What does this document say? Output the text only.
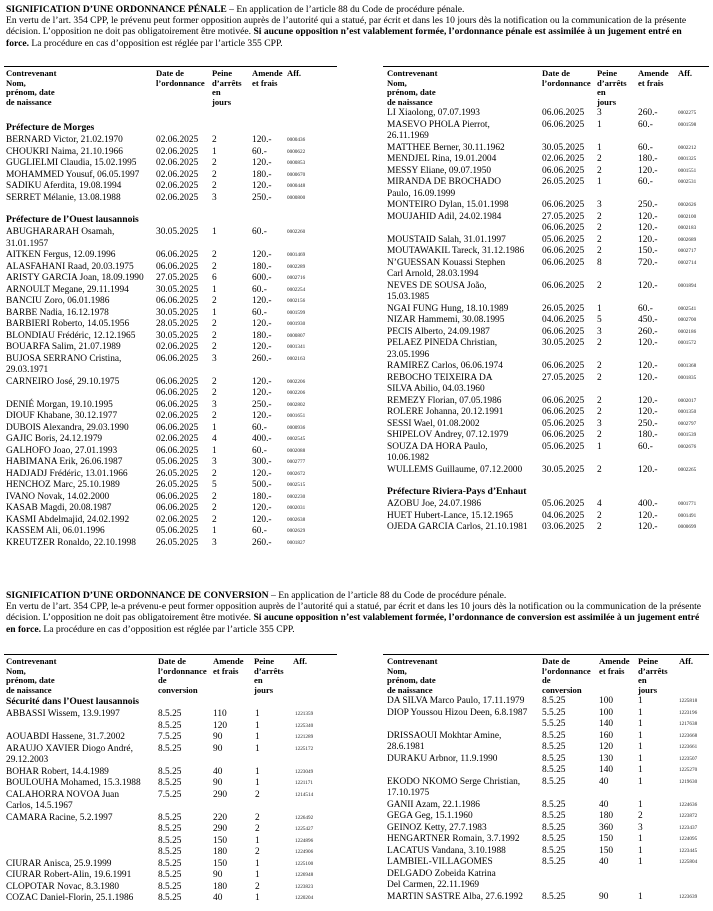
SIGNIFICATION D’UNE ORDONNANCE PÉNALE – En application de l’article 88 du Code de procédure pénale.

En vertu de l’art. 354 CPP, le prévenu peut former opposition auprès de l’autorité qui a statué, par écrit et dans les 10 jours dès la notification ou la communication de la présente décision. L’opposition ne doit pas obligatoirement être motivée. Si aucune opposition n’est valablement formée, l’ordonnance pénale est assimilée à un jugement entré en force. La procédure en cas d’opposition est réglée par l’article 355 CPP.

Contrevenant
Nom, prénom, date de naissance
Date de
l’ordonnance
Peine
d’arrêts
en jours
Amende
et frais
Aff.
Préfecture de Morges
BERNARD Victor, 21.02.1970	02.06.2025 2	120.-	0000436
CHOUKRI Naima, 21.10.1966	02.06.2025 1	60.-	0000622
GUGLIELMI Claudia, 15.02.1995	02.06.2025 2	120.-	0000853
MOHAMMED Yousuf, 06.05.1997	02.06.2025 2	180.-	0000670
SADIKU Aferdita, 19.08.1994	02.06.2025 2	120.-	0000448
SERRET Mélanie, 13.08.1988	02.06.2025 3	250.-	0000800
Préfecture de l’Ouest lausannois
ABUGHARARAH Osamah,
31.01.1957
30.05.2025 1	60.-	0002260
AITKEN Fergus, 12.09.1996	06.06.2025 2	120.-	0001469
ALASFAHANI Raad, 20.03.1975	06.06.2025 2	180.-	0002289
ARISTY GARCIA Joan, 18.09.1990	27.05.2025 6	600.-	0002716
ARNOULT Megane, 29.11.1994	30.05.2025 1	60.-	0002254
BANCIU Zoro, 06.01.1986	06.06.2025 2	120.-	0002156
BARBE Nadia, 16.12.1978	30.05.2025 1	60.-	0001599
BARBIERI Roberto, 14.05.1956	28.05.2025 2	120.-	0001930
BLONDIAU Frédéric, 12.12.1965	30.05.2025 2	180.-	0000807
BOUARFA Salim, 21.07.1989	02.06.2025 2	120.-	0001341
BUJOSA SERRANO Cristina,
29.03.1971
06.06.2025 3	260.-	0002163
CARNEIRO José, 29.10.1975
	06.06.2025 2	120.-	0002206
06.06.2025 2	120.-	0002206
DENIÉ Morgan, 19.10.1995	06.06.2025 3	250.-	0002802
DIOUF Khabane, 30.12.1977	02.06.2025 2	120.-	0001651
DUBOIS Alexandra, 29.03.1990	06.06.2025 1	60.-	0000936
GAJIC Boris, 24.12.1979	02.06.2025 4	400.-	0002545
GALHOFO Joao, 27.01.1993	06.06.2025 1	60.-	0002088
HABIMANA Erik, 26.06.1987	05.06.2025 3	300.-	0002777
HADJADJ Frédéric, 13.01.1966	26.05.2025 2	120.-	0002672
HENCHOZ Marc, 25.10.1989	26.05.2025 5	500.-	0002515
IVANO Novak, 14.02.2000	06.06.2025 2	180.-	0002230
KASAB Magdi, 20.08.1987	06.06.2025 2	120.-	0002031
KASMI Abdelmajid, 24.02.1992	02.06.2025 2	120.-	0002638
KASSEM Ali, 06.01.1996	05.06.2025 1	60.-	0002629
KREUTZER Ronaldo, 22.10.1998	26.05.2025 3	260.-	0001827
Contrevenant
Nom, prénom, date de naissance
Date de
l’ordonnance
Peine
d’arrêts
en jours
Amende
et frais
Aff.
LI Xiaolong, 07.07.1993	06.06.2025 3	260.-	0002275
MASEVO PHOLA Pierrot,
26.11.1969
06.06.2025 1	60.-	0001598
MATTHEE Berner, 30.11.1962	30.05.2025 1	60.-	0002212
MENDJEL Rina, 19.01.2004	02.06.2025 2	180.-	0001325
MESSY Eliane, 09.07.1950	06.06.2025 2	120.-	0001551
MIRANDA DE BROCHADO
Paulo, 16.09.1999
26.05.2025 1	60.-	0002531
MONTEIRO Dylan, 15.01.1998	06.06.2025 3	250.-	0002626
MOUJAHID Adil, 24.02.1984
	27.05.2025 2	120.-	0002100
06.06.2025 2	120.-	0002183
MOUSTAID Salah, 31.01.1997	05.06.2025 2	120.-	0002689
MOUTAWAKIL Tareck, 31.12.1986	06.06.2025 2	150.-	0002717
N’GUESSAN Kouassi Stephen
Carl Arnold, 28.03.1994
06.06.2025 8	720.-	0002714
NEVES DE SOUSA João,
15.03.1985
06.06.2025 2	120.-	0001894
NGAI FUNG Hung, 18.10.1989	26.05.2025 1	60.-	0002541
NIZAR Hammemi, 30.08.1995	04.06.2025 5	450.-	0002700
PECIS Alberto, 24.09.1987	06.06.2025 3	260.-	0002186
PELAEZ PINEDA Christian,
23.05.1996
30.05.2025 2	120.-	0001572
RAMIREZ Carlos, 06.06.1974	06.06.2025 2	120.-	0001368
REBOCHO TEIXEIRA DA
SILVA Abilio, 04.03.1960
27.05.2025 2	120.-	0001835
REMEZY Florian, 07.05.1986	06.06.2025 2	120.-	0002017
ROLERE Johanna, 20.12.1991	06.06.2025 2	120.-	0001350
SESSI Wael, 01.08.2002	05.06.2025 3	250.-	0002797
SHIPELOV Andrey, 07.12.1979	06.06.2025 2	180.-	0001539
SOUZA DA HORA Paulo,
10.06.1982
05.06.2025 1	60.-	0002676
WULLEMS Guillaume, 07.12.2000	30.05.2025 2	120.-	0002265
Préfecture Riviera-Pays d’Enhaut
AZOBU Joe, 24.07.1986	05.06.2025 4	400.-	0001771
HUET Hubert-Lance, 15.12.1965	04.06.2025 2	120.-	0001491
OJEDA GARCIA Carlos, 21.10.1981	03.06.2025 2	120.-	0000699

SIGNIFICATION D’UNE ORDONNANCE DE CONVERSION – En application de l’article 88 du Code de procédure pénale.

En vertu de l’art. 354 CPP, le-a prévenu-e peut former opposition auprès de l’autorité qui a statué, par écrit et dans les 10 jours dès la notification ou la communication de la présente décision. L’opposition ne doit pas obligatoirement être motivée. Si aucune opposition n’est valablement formée, l’ordonnance de conversion est assimilée à un jugement entré en force. La procédure en cas d’opposition est réglée par l’article 355 CPP.

Contrevenant
Nom, prénom, date de naissance
Date de
l’ordonnance
de conversion
Amende
et frais
Peine
d’arrêts
en jours
Aff.
Sécurité dans l’Ouest lausannois
ABBASSI Wissem, 13.9.1997
	8.5.25	110	1	1221359
8.5.25	120	1	1225340
AOUABDI Hassene, 31.7.2002	7.5.25	90	1	1221289
ARAUJO XAVIER Diogo André,
29.12.2003
8.5.25	90	1	1225172
BOHAR Robert, 14.4.1989	8.5.25	40	1	1223049
BOULOUHA Mohamed, 15.3.1988	8.5.25	90	1	1221171
CALAHORRA NOVOA Juan
Carlos, 14.5.1967
7.5.25	290	2	1214514
CAMARA Racine, 5.2.1997

	8.5.25	220	2	1226492
8.5.25	290	2	1225427
8.5.25	150	1	1224896
8.5.25	180	2	1224906
CIURAR Anisca, 25.9.1999	8.5.25	150	1	1225100
CIURAR Robert-Alin, 19.6.1991	8.5.25	90	1	1226948
CLOPOTAR Novac, 8.3.1980	8.5.25	180	2	1223823
COZAC Daniel-Florin, 25.1.1986	8.5.25	40	1	1220204
Contrevenant
Nom, prénom, date de naissance
Date de
l’ordonnance
de conversion
Amende
et frais
Peine
d’arrêts
en jours
Aff.
DA SILVA Marco Paulo, 17.11.1979	8.5.25	100	1	1225818
DIOP Youssou Hizou Deen, 6.8.1987
	5.5.25	100	1	1223196
5.5.25	140	1	1217638
DRISSAOUI Mokhtar Amine,
28.6.1981
8.5.25	160	1	1223668
8.5.25	120	1	1223661
DURAKU Arbnor, 11.9.1990
	8.5.25	130	1	1223507
8.5.25	140	1	1225270
EKODO NKOMO Serge Christian,
17.10.1975
8.5.25	40	1	1219630
GANII Azam, 22.1.1986	8.5.25	40	1	1224636
GEGA Geg, 15.1.1960	8.5.25	180	2	1223872
GEINOZ Ketty, 27.7.1983	8.5.25	360	3	1223437
HENGARTNER Romain, 3.7.1992	8.5.25	150	1	1224095
LACATUS Vandana, 3.10.1988	8.5.25	150	1	1223445
LAMBIEL-VILLAGOMES
DELGADO Zobeida Katrina
Del Carmen, 22.11.1969
8.5.25	40	1	1225804
MARTIN SASTRE Alba, 27.6.1992	8.5.25	90	1	1223639
